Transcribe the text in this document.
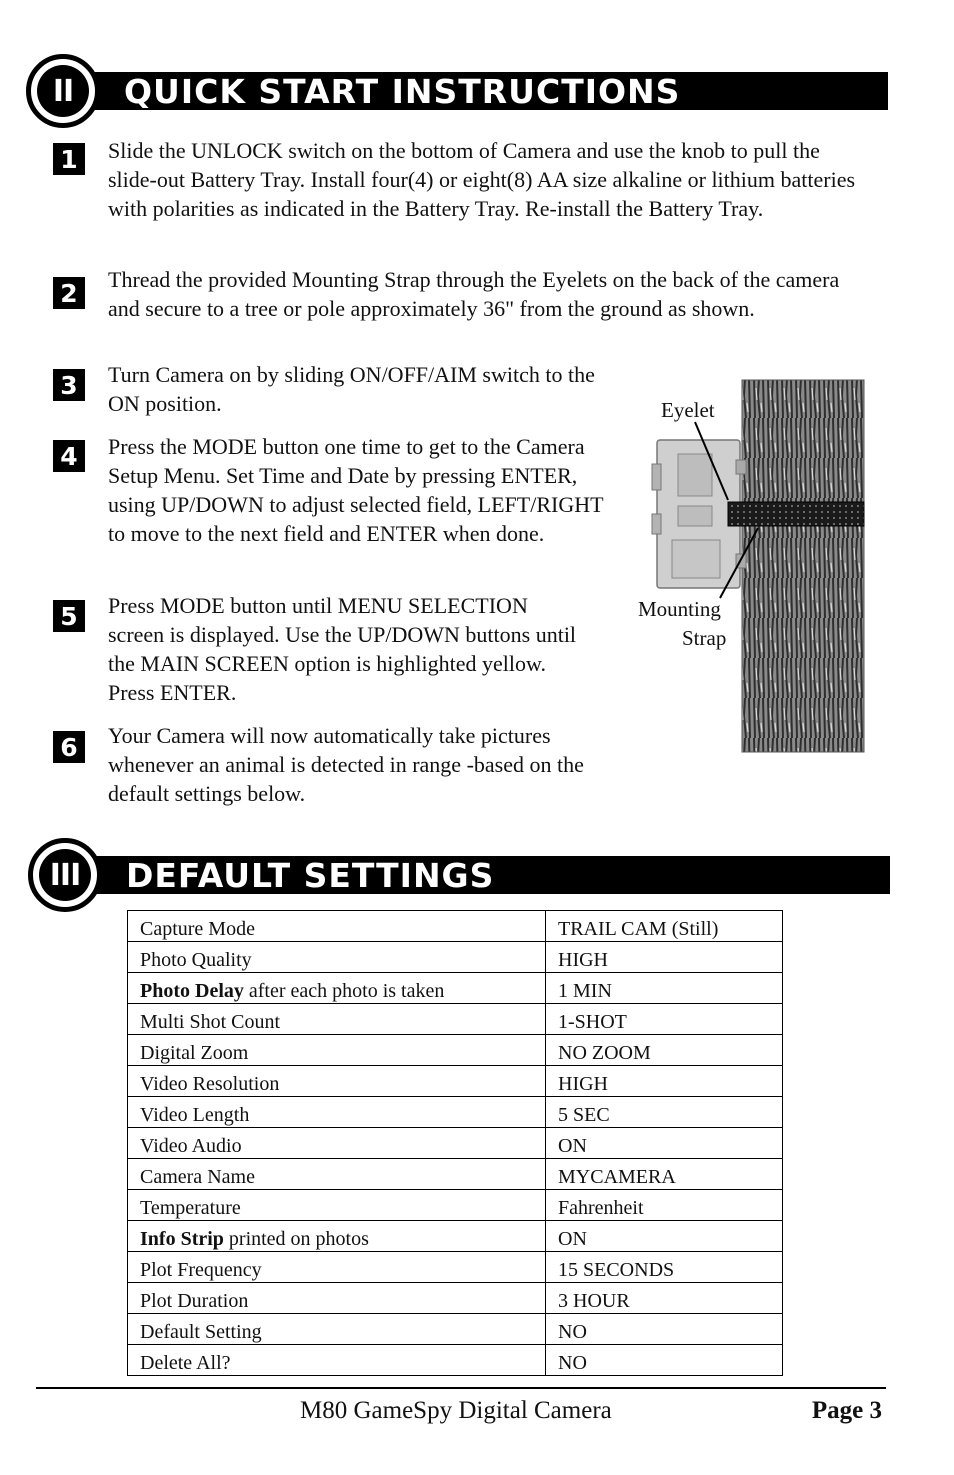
QUICK START INSTRUCTIONS
II
1	Slide the UNLOCK switch on the bottom of Camera and use the knob to pull the slide-out Battery Tray. Install four(4) or eight(8) AA size alkaline or lithium batteries with polarities as indicated in the Battery Tray. Re-install the Battery Tray.
2	Thread the provided Mounting Strap through the Eyelets on the back of the camera and secure to a tree or pole approximately 36" from the ground as shown.
3	Turn Camera on by sliding ON/OFF/AIM switch to the ON position.
4	Press the MODE button one time to get to the Camera Setup Menu. Set Time and Date by pressing ENTER, using UP/DOWN to adjust selected field, LEFT/RIGHT to move to the next field and ENTER when done.
5	Press MODE button until MENU SELECTION screen is displayed. Use the UP/DOWN buttons until the MAIN SCREEN option is highlighted yellow. Press ENTER.
6	Your Camera will now automatically take pictures whenever an animal is detected in range -based on the default settings below.
Eyelet
Mounting
Strap
DEFAULT SETTINGS
III
Capture Mode	TRAIL CAM (Still)
Photo Quality	HIGH
Photo Delay after each photo is taken	1 MIN
Multi Shot Count	1-SHOT
Digital Zoom	NO ZOOM
Video Resolution	HIGH
Video Length	5 SEC
Video Audio	ON
Camera Name	MYCAMERA
Temperature	Fahrenheit
Info Strip printed on photos	ON
Plot Frequency	15 SECONDS
Plot Duration	3 HOUR
Default Setting	NO
Delete All?	NO
M80 GameSpy Digital Camera	Page 3
